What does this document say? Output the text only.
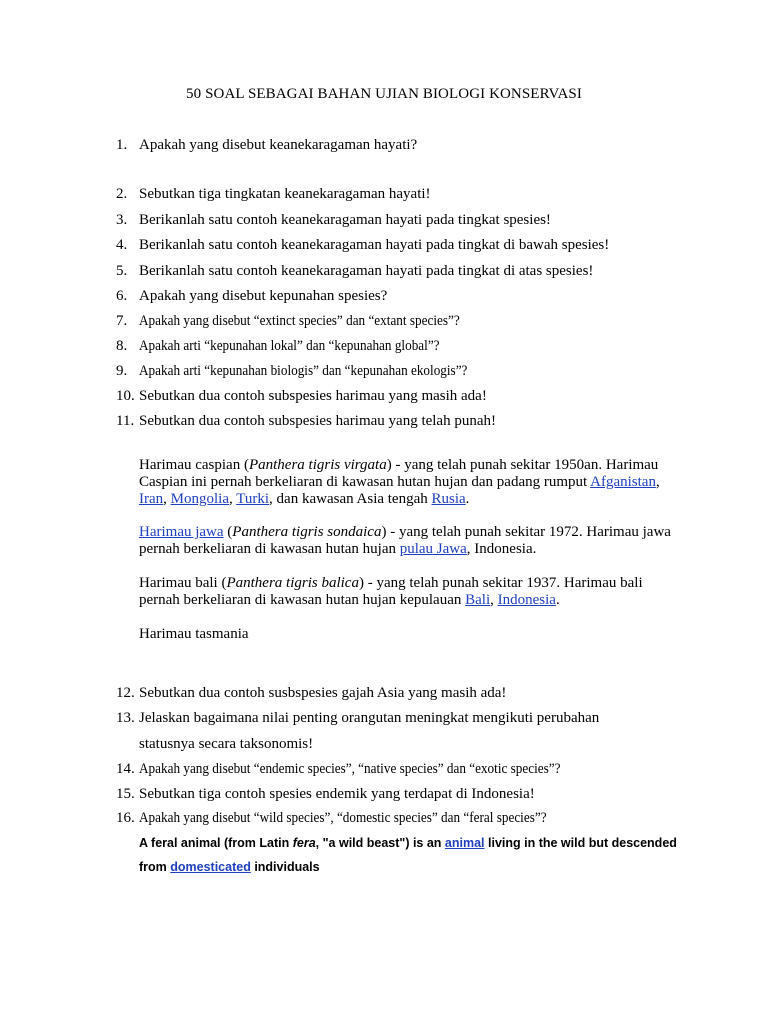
50 SOAL SEBAGAI BAHAN UJIAN BIOLOGI KONSERVASI
1. Apakah yang disebut keanekaragaman hayati?
2. Sebutkan tiga tingkatan keanekaragaman hayati!
3. Berikanlah satu contoh keanekaragaman hayati pada tingkat spesies!
4. Berikanlah satu contoh keanekaragaman hayati pada tingkat di bawah spesies!
5. Berikanlah satu contoh keanekaragaman hayati pada tingkat di atas spesies!
6. Apakah yang disebut kepunahan spesies?
7. Apakah yang disebut “extinct species” dan “extant species”?
8. Apakah arti “kepunahan lokal” dan “kepunahan global”?
9. Apakah arti “kepunahan biologis” dan “kepunahan ekologis”?
10. Sebutkan dua contoh subspesies harimau yang masih ada!
11. Sebutkan dua contoh subspesies harimau yang telah punah!
Harimau caspian (Panthera tigris virgata) - yang telah punah sekitar 1950an. Harimau Caspian ini pernah berkeliaran di kawasan hutan hujan dan padang rumput Afganistan, Iran, Mongolia, Turki, dan kawasan Asia tengah Rusia.
Harimau jawa (Panthera tigris sondaica) - yang telah punah sekitar 1972. Harimau jawa pernah berkeliaran di kawasan hutan hujan pulau Jawa, Indonesia.
Harimau bali (Panthera tigris balica) - yang telah punah sekitar 1937. Harimau bali pernah berkeliaran di kawasan hutan hujan kepulauan Bali, Indonesia.
Harimau tasmania
12. Sebutkan dua contoh susbspesies gajah Asia yang masih ada!
13. Jelaskan bagaimana nilai penting orangutan meningkat mengikuti perubahan
statusnya secara taksonomis!
14. Apakah yang disebut “endemic species”, “native species” dan “exotic species”?
15. Sebutkan tiga contoh spesies endemik yang terdapat di Indonesia!
16. Apakah yang disebut “wild species”, “domestic species” dan “feral species”?
A feral animal (from Latin fera, "a wild beast") is an animal living in the wild but descended
from domesticated individuals
